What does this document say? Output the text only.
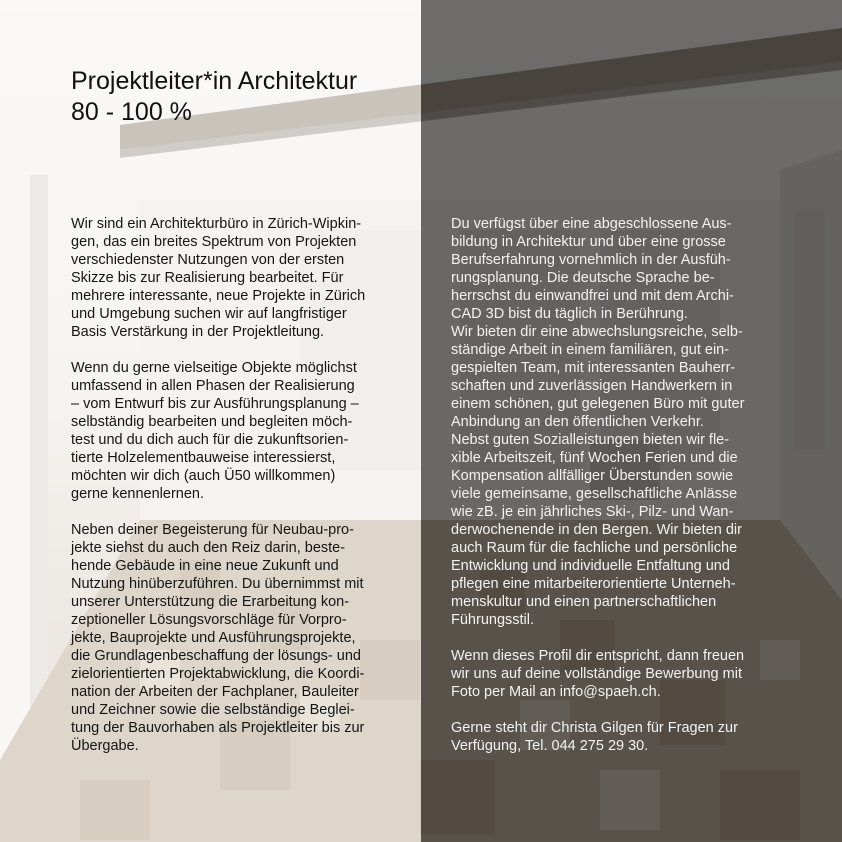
Projektleiter*in Architektur
80 - 100 %

Wir sind ein Architekturbüro in Zürich-Wipkin-
gen, das ein breites Spektrum von Projekten
verschiedenster Nutzungen von der ersten
Skizze bis zur Realisierung bearbeitet. Für
mehrere interessante, neue Projekte in Zürich
und Umgebung suchen wir auf langfristiger
Basis Verstärkung in der Projektleitung.

Wenn du gerne vielseitige Objekte möglichst
umfassend in allen Phasen der Realisierung
– vom Entwurf bis zur Ausführungsplanung –
selbständig bearbeiten und begleiten möch-
test und du dich auch für die zukunftsorien-
tierte Holzelementbauweise interessierst,
möchten wir dich (auch Ü50 willkommen)
gerne kennenlernen.

Neben deiner Begeisterung für Neubau-pro-
jekte siehst du auch den Reiz darin, beste-
hende Gebäude in eine neue Zukunft und
Nutzung hinüberzuführen. Du übernimmst mit
unserer Unterstützung die Erarbeitung kon-
zeptioneller Lösungsvorschläge für Vorpro-
jekte, Bauprojekte und Ausführungsprojekte,
die Grundlagenbeschaffung der lösungs- und
zielorientierten Projektabwicklung, die Koordi-
nation der Arbeiten der Fachplaner, Bauleiter
und Zeichner sowie die selbständige Beglei-
tung der Bauvorhaben als Projektleiter bis zur
Übergabe.

Du verfügst über eine abgeschlossene Aus-
bildung in Architektur und über eine grosse
Berufserfahrung vornehmlich in der Ausfüh-
rungsplanung. Die deutsche Sprache be-
herrschst du einwandfrei und mit dem Archi-
CAD 3D bist du täglich in Berührung.
Wir bieten dir eine abwechslungsreiche, selb-
ständige Arbeit in einem familiären, gut ein-
gespielten Team, mit interessanten Bauherr-
schaften und zuverlässigen Handwerkern in
einem schönen, gut gelegenen Büro mit guter
Anbindung an den öffentlichen Verkehr.
Nebst guten Sozialleistungen bieten wir fle-
xible Arbeitszeit, fünf Wochen Ferien und die
Kompensation allfälliger Überstunden sowie
viele gemeinsame, gesellschaftliche Anlässe
wie zB. je ein jährliches Ski-, Pilz- und Wan-
derwochenende in den Bergen. Wir bieten dir
auch Raum für die fachliche und persönliche
Entwicklung und individuelle Entfaltung und
pflegen eine mitarbeiterorientierte Unterneh-
menskultur und einen partnerschaftlichen
Führungsstil.

Wenn dieses Profil dir entspricht, dann freuen
wir uns auf deine vollständige Bewerbung mit
Foto per Mail an info@spaeh.ch.

Gerne steht dir Christa Gilgen für Fragen zur
Verfügung, Tel. 044 275 29 30.
